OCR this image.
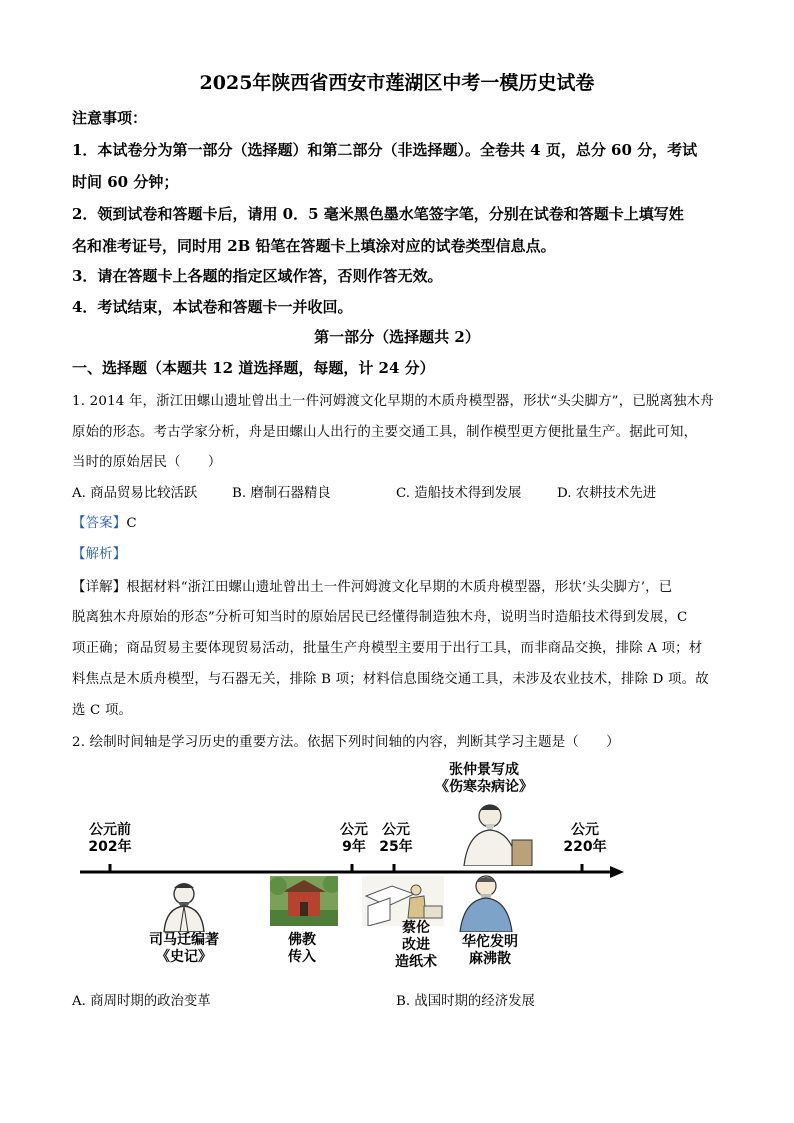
2025年陕西省西安市莲湖区中考一模历史试卷
注意事项：
1．本试卷分为第一部分（选择题）和第二部分（非选择题）。全卷共 4 页，总分 60 分，考试
时间 60 分钟；
2．领到试卷和答题卡后，请用 0．5 毫米黑色墨水笔签字笔，分别在试卷和答题卡上填写姓
名和准考证号，同时用 2B 铅笔在答题卡上填涂对应的试卷类型信息点。
3．请在答题卡上各题的指定区域作答，否则作答无效。
4．考试结束，本试卷和答题卡一并收回。
第一部分（选择题共 2）
一、选择题（本题共 12 道选择题，每题，计 24 分）
1. 2014 年，浙江田螺山遗址曾出土一件河姆渡文化早期的木质舟模型器，形状“头尖脚方”，已脱离独木舟
原始的形态。考古学家分析，舟是田螺山人出行的主要交通工具，制作模型更方便批量生产。据此可知，
当时的原始居民（　　）
A. 商品贸易比较活跃	B. 磨制石器精良	C. 造船技术得到发展	D. 农耕技术先进
【答案】C
【解析】
【详解】根据材料“浙江田螺山遗址曾出土一件河姆渡文化早期的木质舟模型器，形状‘头尖脚方’，已
脱离独木舟原始的形态”分析可知当时的原始居民已经懂得制造独木舟，说明当时造船技术得到发展，C
项正确；商品贸易主要体现贸易活动，批量生产舟模型主要用于出行工具，而非商品交换，排除 A 项；材
料焦点是木质舟模型，与石器无关，排除 B 项；材料信息围绕交通工具，未涉及农业技术，排除 D 项。故
选 C 项。
2. 绘制时间轴是学习历史的重要方法。依据下列时间轴的内容，判断其学习主题是（　　）
公元前
202年
公元
9年
公元
25年
公元
220年
司马迁编著
《史记》
佛教
传入
蔡伦
改进
造纸术
华佗发明
麻沸散
张仲景写成
《伤寒杂病论》
A. 商周时期的政治变革	B. 战国时期的经济发展
